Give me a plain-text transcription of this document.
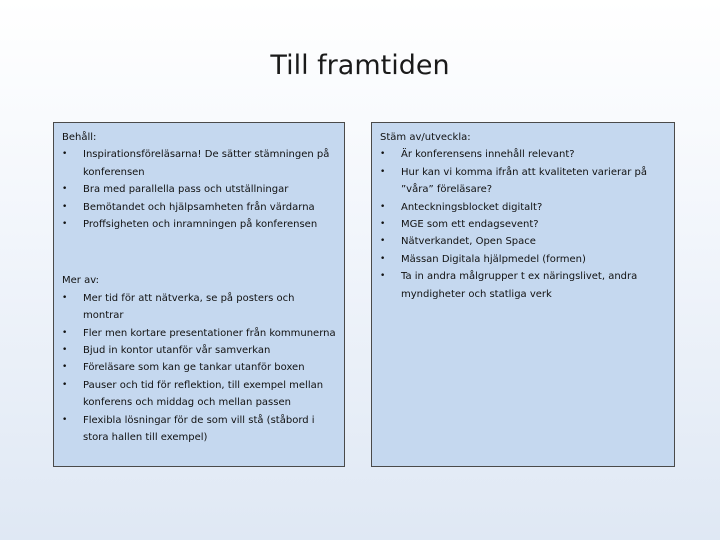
Till framtiden
Behåll:
• Inspirationsföreläsarna! De sätter stämningen på konferensen
• Bra med parallella pass och utställningar
• Bemötandet och hjälpsamheten från värdarna
• Proffsigheten och inramningen på konferensen
Mer av:
• Mer tid för att nätverka, se på posters och montrar
• Fler men kortare presentationer från kommunerna
• Bjud in kontor utanför vår samverkan
• Föreläsare som kan ge tankar utanför boxen
• Pauser och tid för reflektion, till exempel mellan konferens och middag och mellan passen
• Flexibla lösningar för de som vill stå (ståbord i stora hallen till exempel)
Stäm av/utveckla:
• Är konferensens innehåll relevant?
• Hur kan vi komma ifrån att kvaliteten varierar på ”våra” föreläsare?
• Anteckningsblocket digitalt?
• MGE som ett endagsevent?
• Nätverkandet, Open Space
• Mässan Digitala hjälpmedel (formen)
• Ta in andra målgrupper t ex näringslivet, andra myndigheter och statliga verk
